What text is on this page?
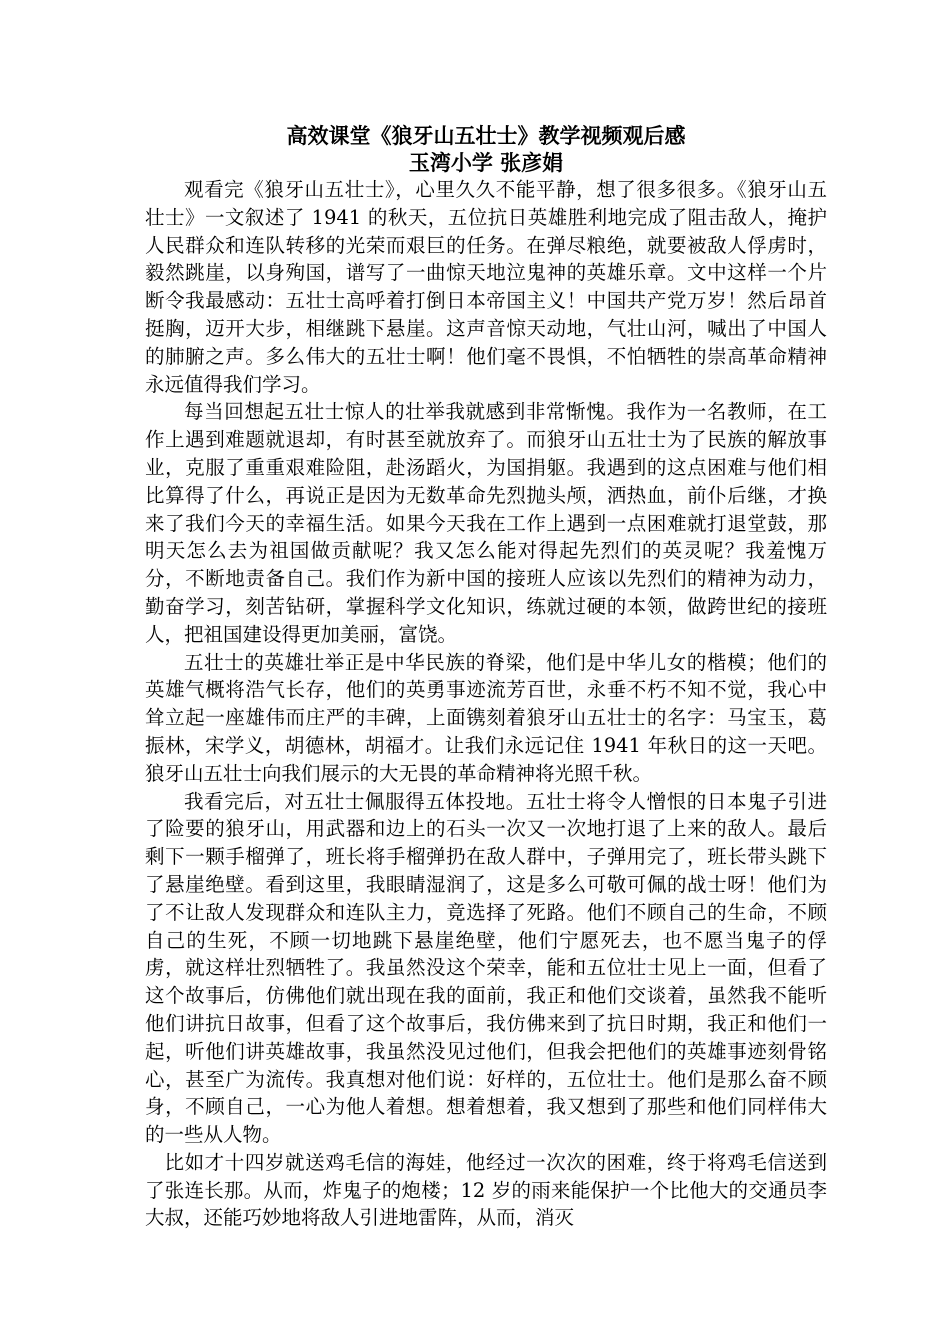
高效课堂《狼牙山五壮士》教学视频观后感
玉湾小学 张彦娟

观看完《狼牙山五壮士》，心里久久不能平静，想了很多很多。《狼牙山五壮士》一文叙述了 1941 的秋天，五位抗日英雄胜利地完成了阻击敌人，掩护人民群众和连队转移的光荣而艰巨的任务。在弹尽粮绝，就要被敌人俘虏时，毅然跳崖，以身殉国，谱写了一曲惊天地泣鬼神的英雄乐章。文中这样一个片断令我最感动：五壮士高呼着打倒日本帝国主义！中国共产党万岁！然后昂首挺胸，迈开大步，相继跳下悬崖。这声音惊天动地，气壮山河，喊出了中国人的肺腑之声。多么伟大的五壮士啊！他们毫不畏惧，不怕牺牲的崇高革命精神永远值得我们学习。

每当回想起五壮士惊人的壮举我就感到非常惭愧。我作为一名教师，在工作上遇到难题就退却，有时甚至就放弃了。而狼牙山五壮士为了民族的解放事业，克服了重重艰难险阻，赴汤蹈火，为国捐躯。我遇到的这点困难与他们相比算得了什么，再说正是因为无数革命先烈抛头颅，洒热血，前仆后继，才换来了我们今天的幸福生活。如果今天我在工作上遇到一点困难就打退堂鼓，那明天怎么去为祖国做贡献呢？我又怎么能对得起先烈们的英灵呢？我羞愧万分，不断地责备自己。我们作为新中国的接班人应该以先烈们的精神为动力，勤奋学习，刻苦钻研，掌握科学文化知识，练就过硬的本领，做跨世纪的接班人，把祖国建设得更加美丽，富饶。

五壮士的英雄壮举正是中华民族的脊梁，他们是中华儿女的楷模；他们的英雄气概将浩气长存，他们的英勇事迹流芳百世，永垂不朽不知不觉，我心中耸立起一座雄伟而庄严的丰碑，上面镌刻着狼牙山五壮士的名字：马宝玉，葛振林，宋学义，胡德林，胡福才。让我们永远记住 1941 年秋日的这一天吧。狼牙山五壮士向我们展示的大无畏的革命精神将光照千秋。

我看完后，对五壮士佩服得五体投地。五壮士将令人憎恨的日本鬼子引进了险要的狼牙山，用武器和边上的石头一次又一次地打退了上来的敌人。最后剩下一颗手榴弹了，班长将手榴弹扔在敌人群中，子弹用完了，班长带头跳下了悬崖绝壁。看到这里，我眼睛湿润了，这是多么可敬可佩的战士呀！他们为了不让敌人发现群众和连队主力，竟选择了死路。他们不顾自己的生命，不顾自己的生死，不顾一切地跳下悬崖绝壁，他们宁愿死去，也不愿当鬼子的俘虏，就这样壮烈牺牲了。我虽然没这个荣幸，能和五位壮士见上一面，但看了这个故事后，仿佛他们就出现在我的面前，我正和他们交谈着，虽然我不能听他们讲抗日故事，但看了这个故事后，我仿佛来到了抗日时期，我正和他们一起，听他们讲英雄故事，我虽然没见过他们，但我会把他们的英雄事迹刻骨铭心，甚至广为流传。我真想对他们说：好样的，五位壮士。他们是那么奋不顾身，不顾自己，一心为他人着想。想着想着，我又想到了那些和他们同样伟大的一些从人物。

比如才十四岁就送鸡毛信的海娃，他经过一次次的困难，终于将鸡毛信送到了张连长那。从而，炸鬼子的炮楼；12 岁的雨来能保护一个比他大的交通员李大叔，还能巧妙地将敌人引进地雷阵，从而，消灭
